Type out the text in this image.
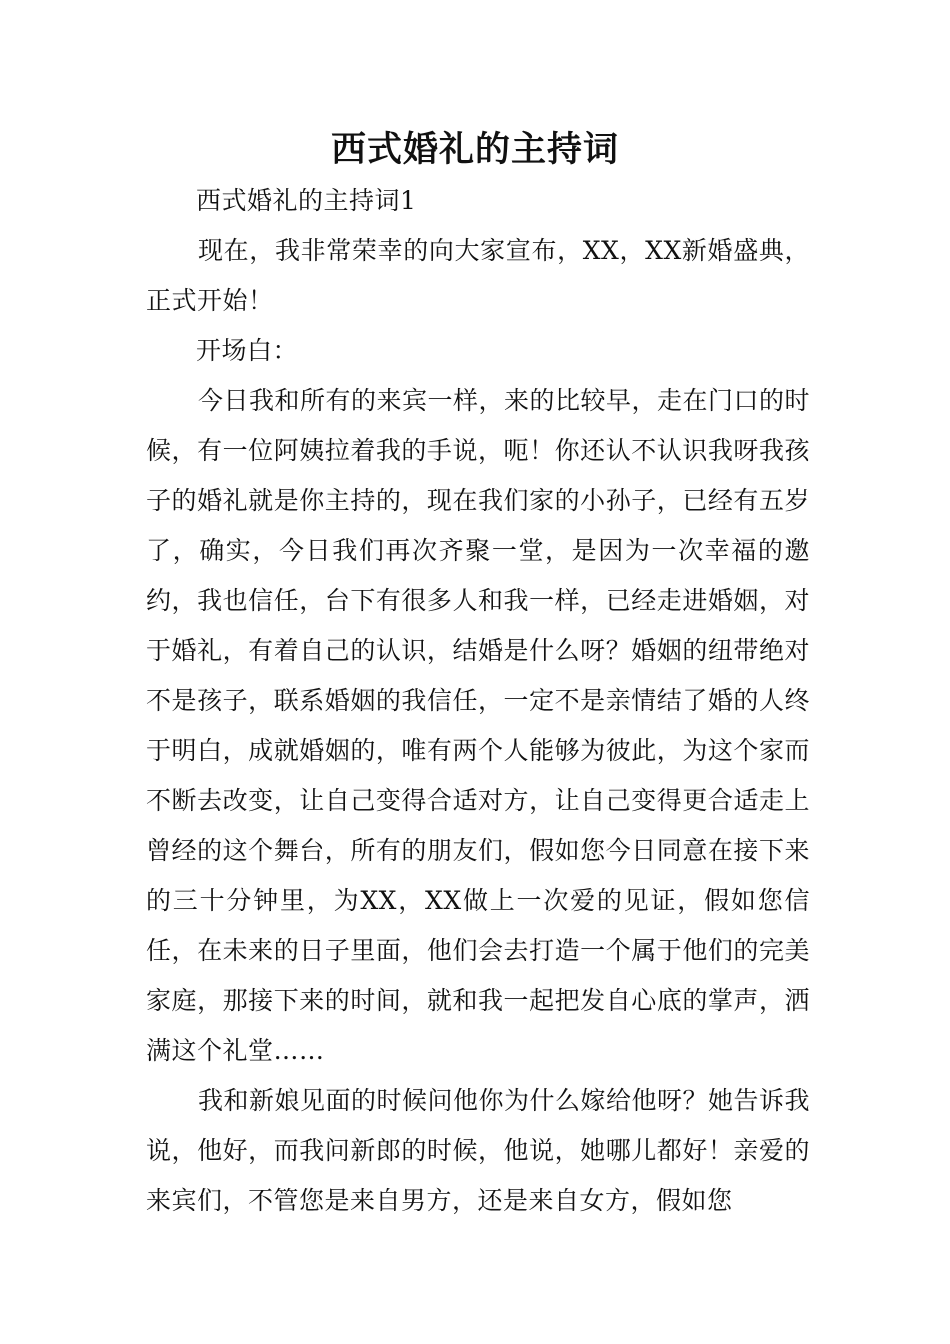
西式婚礼的主持词

西式婚礼的主持词1

现在，我非常荣幸的向大家宣布，XX，XX新婚盛典，正式开始！

开场白：

今日我和所有的来宾一样，来的比较早，走在门口的时候，有一位阿姨拉着我的手说，呃！你还认不认识我呀我孩子的婚礼就是你主持的，现在我们家的小孙子，已经有五岁了，确实，今日我们再次齐聚一堂，是因为一次幸福的邀约，我也信任，台下有很多人和我一样，已经走进婚姻，对于婚礼，有着自己的认识，结婚是什么呀？婚姻的纽带绝对不是孩子，联系婚姻的我信任，一定不是亲情结了婚的人终于明白，成就婚姻的，唯有两个人能够为彼此，为这个家而不断去改变，让自己变得合适对方，让自己变得更合适走上曾经的这个舞台，所有的朋友们，假如您今日同意在接下来的三十分钟里，为XX，XX做上一次爱的见证，假如您信任，在未来的日子里面，他们会去打造一个属于他们的完美家庭，那接下来的时间，就和我一起把发自心底的掌声，洒满这个礼堂……

我和新娘见面的时候问他你为什么嫁给他呀？她告诉我说，他好，而我问新郎的时候，他说，她哪儿都好！亲爱的来宾们，不管您是来自男方，还是来自女方，假如您
